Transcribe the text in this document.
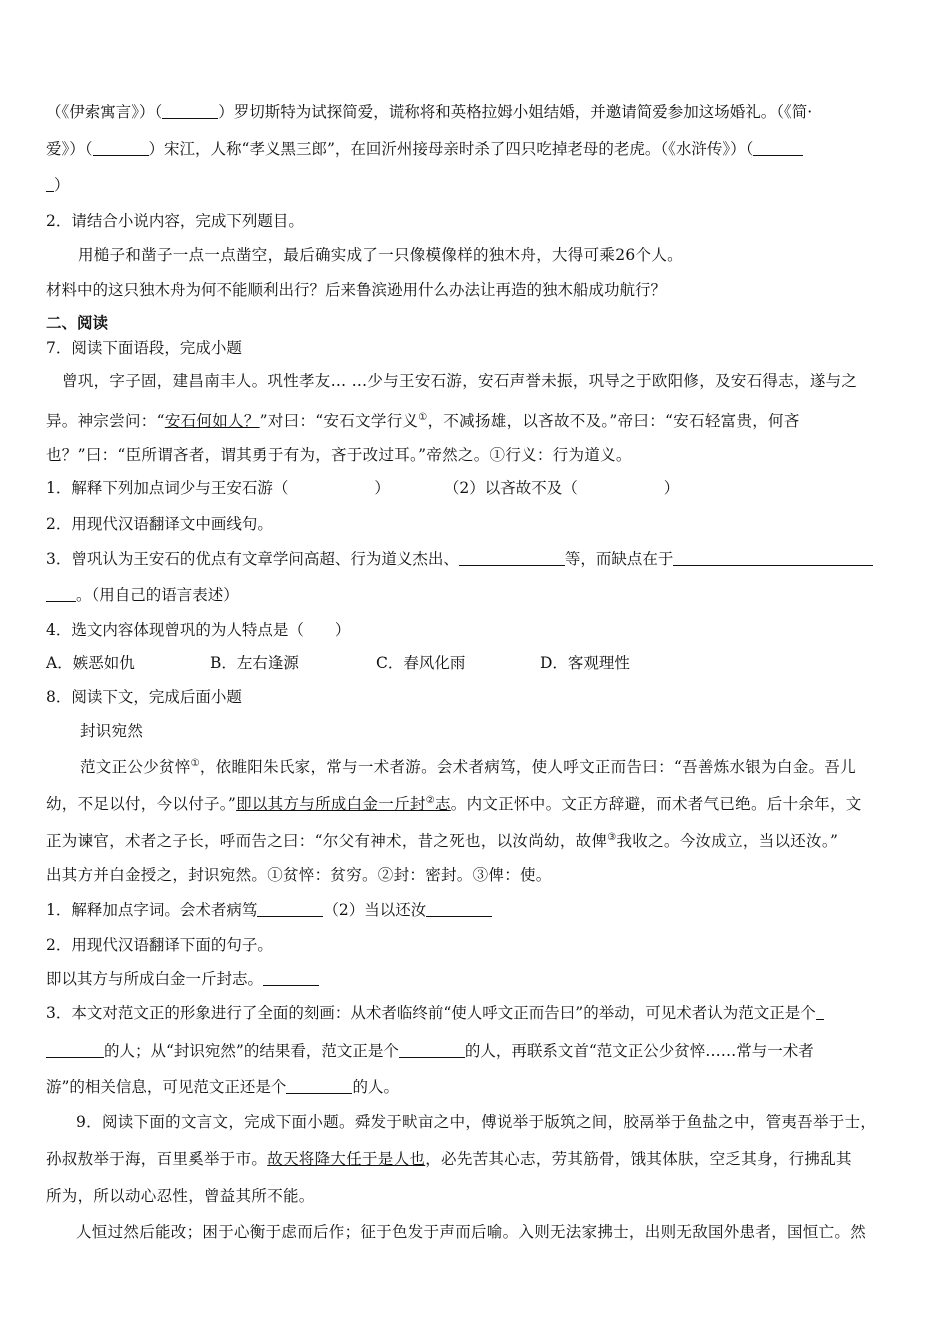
（《伊索寓言》）（	）罗切斯特为试探简爱，谎称将和英格拉姆小姐结婚，并邀请简爱参加这场婚礼。（《简·
爱》）（	）宋江，人称“孝义黑三郎”，在回沂州接母亲时杀了四只吃掉老母的老虎。（《水浒传》）（
）
2．请结合小说内容，完成下列题目。
用槌子和凿子一点一点凿空，最后确实成了一只像模像样的独木舟，大得可乘26个人。
材料中的这只独木舟为何不能顺利出行？后来鲁滨逊用什么办法让再造的独木船成功航行？
二、阅读
7．阅读下面语段，完成小题
曾巩，字子固，建昌南丰人。巩性孝友… …少与王安石游，安石声誉未振，巩导之于欧阳修，及安石得志，遂与之
异。神宗尝问：“安石何如人？”对曰：“安石文学行义①，不减扬雄，以吝故不及。”帝曰：“安石轻富贵，何吝
也？”曰：“臣所谓吝者，谓其勇于有为，吝于改过耳。”帝然之。①行义：行为道义。
1．解释下列加点词少与王安石游（	）	（2）以吝故不及（	）
2．用现代汉语翻译文中画线句。
3．曾巩认为王安石的优点有文章学问高超、行为道义杰出、	等，而缺点在于
。（用自己的语言表述）
4．选文内容体现曾巩的为人特点是（　　）
A．嫉恶如仇	B．左右逢源	C．春风化雨	D．客观理性
8．阅读下文，完成后面小题
封识宛然
范文正公少贫悴①，依睢阳朱氏家，常与一术者游。会术者病笃，使人呼文正而告曰：“吾善炼水银为白金。吾儿
幼，不足以付，今以付子。”即以其方与所成白金一斤封②志。内文正怀中。文正方辞避，而术者气已绝。后十余年，文
正为谏官，术者之子长，呼而告之曰：“尔父有神术，昔之死也，以汝尚幼，故俾③我收之。今汝成立，当以还汝。”
出其方并白金授之，封识宛然。①贫悴：贫穷。②封：密封。③俾：使。
1．解释加点字词。会术者病笃	（2）当以还汝
2．用现代汉语翻译下面的句子。
即以其方与所成白金一斤封志。
3．本文对范文正的形象进行了全面的刻画：从术者临终前“使人呼文正而告曰”的举动，可见术者认为范文正是个
的人；从“封识宛然”的结果看，范文正是个	的人，再联系文首“范文正公少贫悴……常与一术者
游”的相关信息，可见范文正还是个	的人。
9．阅读下面的文言文，完成下面小题。舜发于畎亩之中，傅说举于版筑之间，胶鬲举于鱼盐之中，管夷吾举于士，
孙叔敖举于海，百里奚举于市。故天将降大任于是人也，必先苦其心志，劳其筋骨，饿其体肤，空乏其身，行拂乱其
所为，所以动心忍性，曾益其所不能。
人恒过然后能改；困于心衡于虑而后作；征于色发于声而后喻。入则无法家拂士，出则无敌国外患者，国恒亡。然
